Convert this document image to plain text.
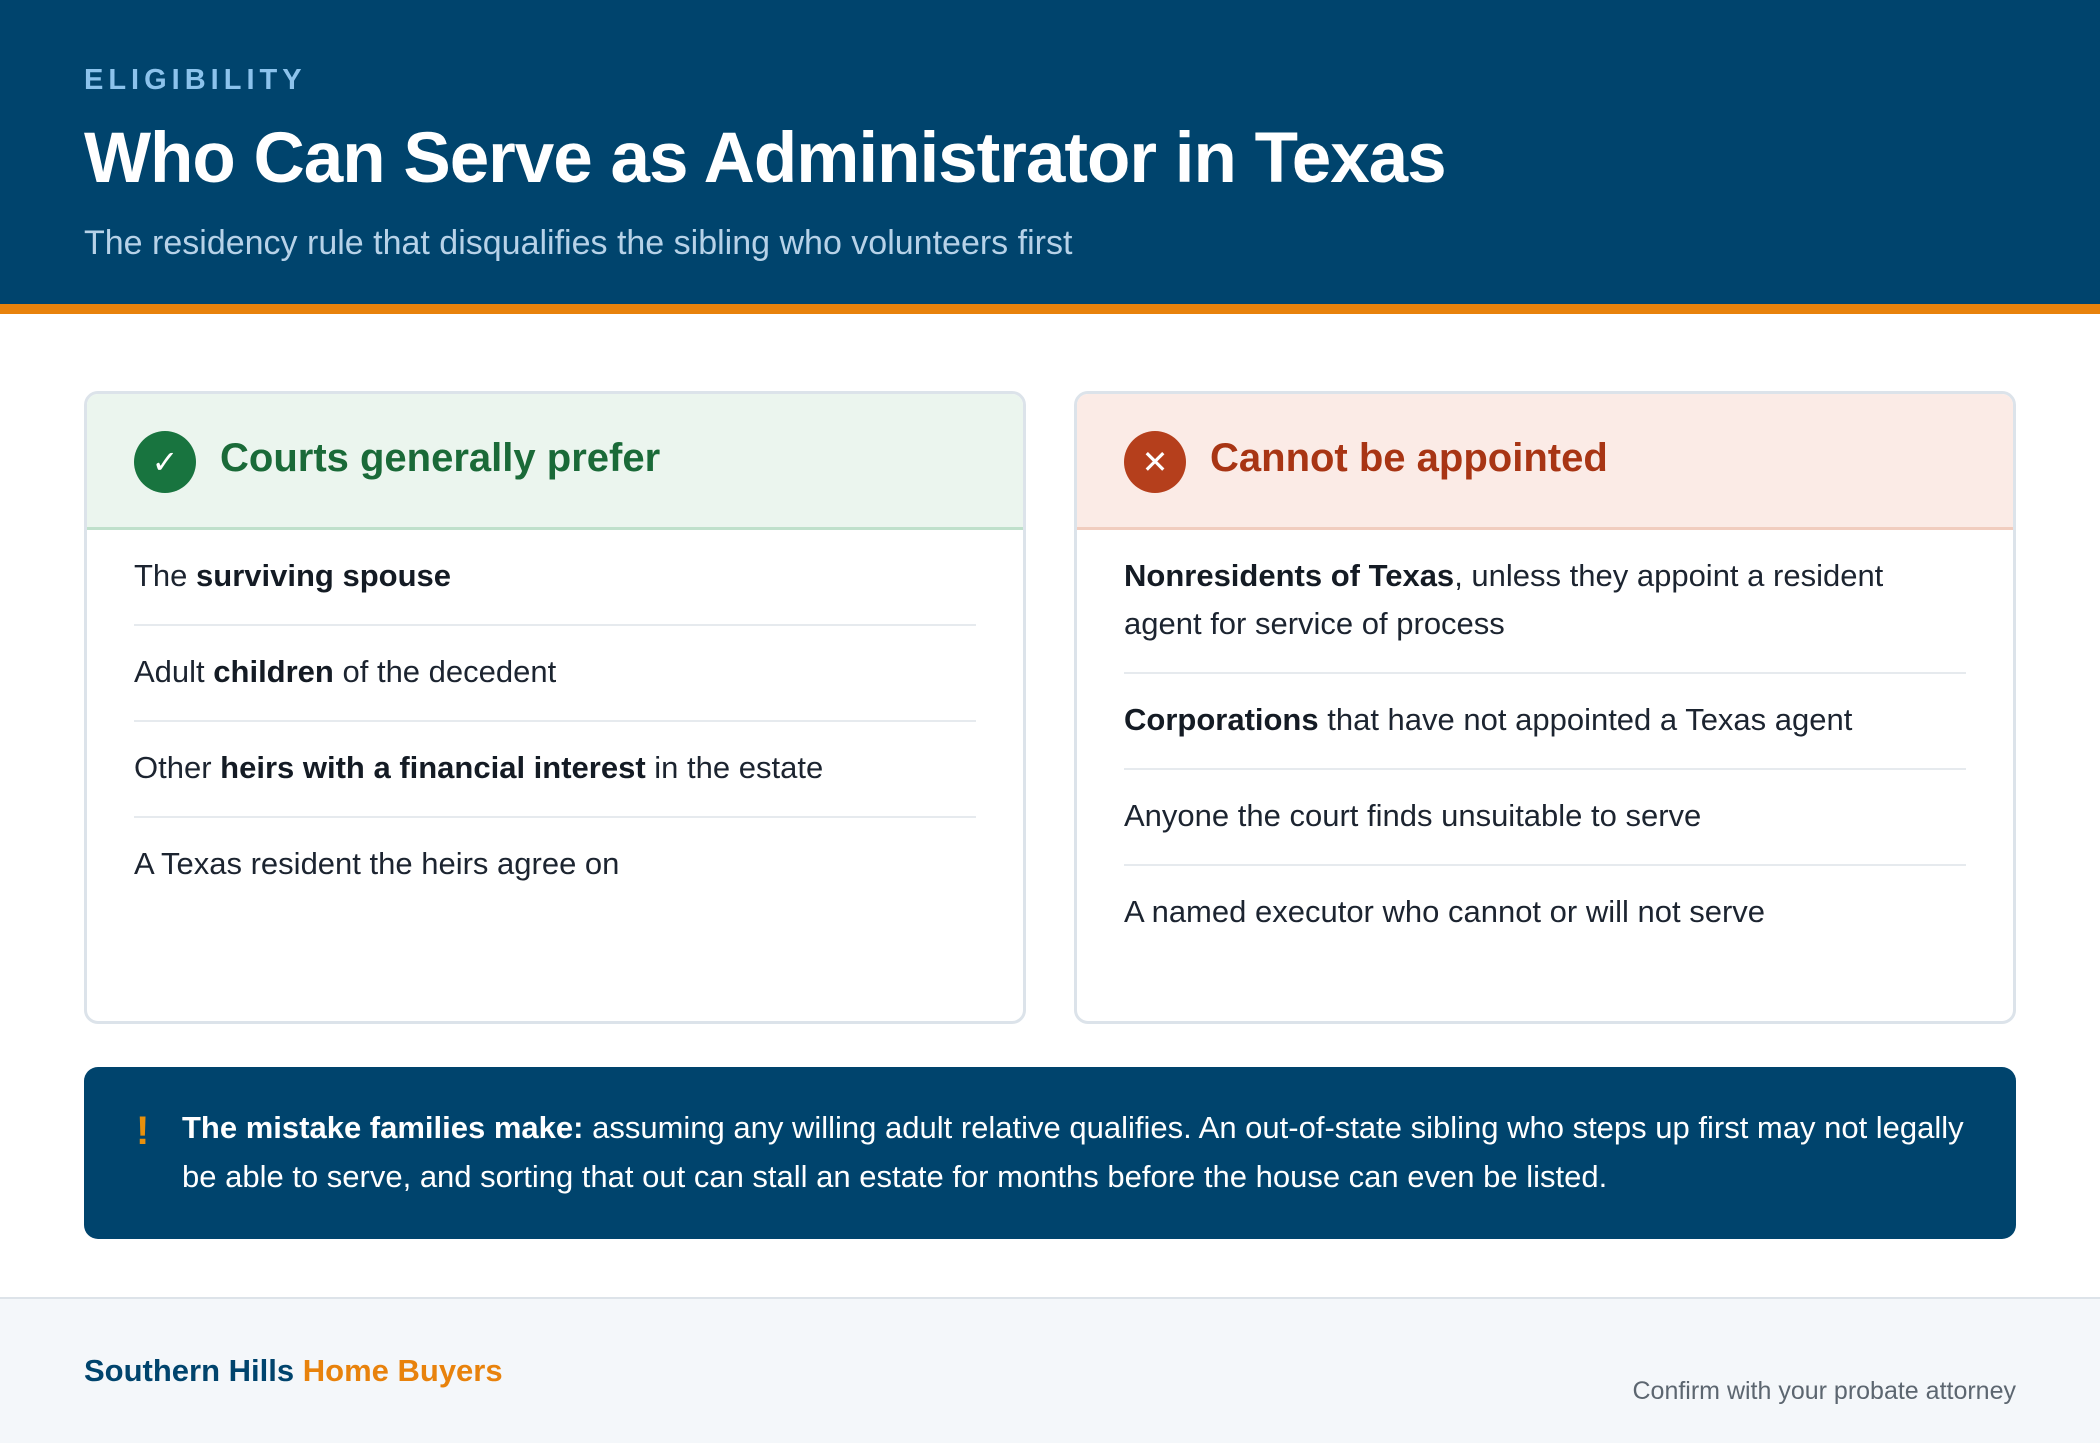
ELIGIBILITY
Who Can Serve as Administrator in Texas
The residency rule that disqualifies the sibling who volunteers first
✓	Courts generally prefer
The surviving spouse
Adult children of the decedent
Other heirs with a financial interest in the estate
A Texas resident the heirs agree on
✕	Cannot be appointed
Nonresidents of Texas, unless they appoint a resident agent for service of process
Corporations that have not appointed a Texas agent
Anyone the court finds unsuitable to serve
A named executor who cannot or will not serve
! The mistake families make: assuming any willing adult relative qualifies. An out-of-state sibling who steps up first may not legally be able to serve, and sorting that out can stall an estate for months before the house can even be listed.
Southern Hills Home Buyers
Confirm with your probate attorney
